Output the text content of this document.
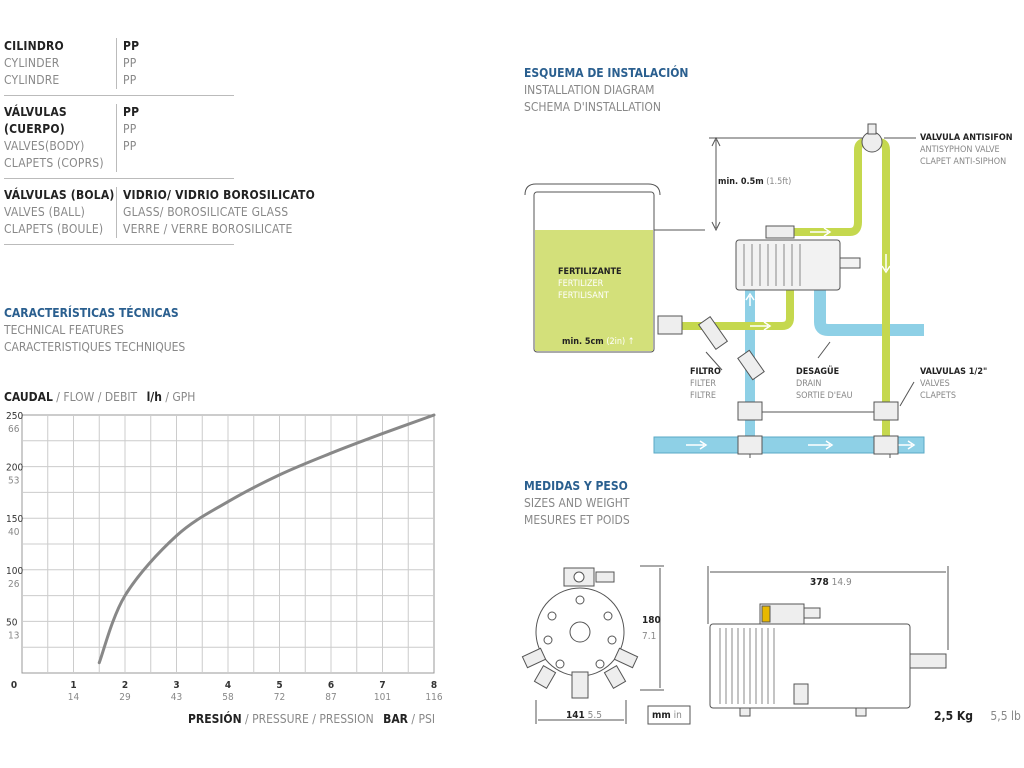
CILINDRO
CYLINDER
CYLINDRE
PP
PP
PP
VÁLVULAS (CUERPO)
VALVES(BODY)
CLAPETS (COPRS)
PP
PP
PP
VÁLVULAS (BOLA)
VALVES (BALL)
CLAPETS (BOULE)
VIDRIO/ VIDRIO BOROSILICATO
GLASS/ BOROSILICATE GLASS
VERRE / VERRE BOROSILICATE
CARACTERÍSTICAS TÉCNICAS
TECHNICAL FEATURES
CARACTERISTIQUES TECHNIQUES
CAUDAL / FLOW / DEBIT l/h / GPH
50
13
100
26
150
40
200
53
250
66
0	1
14
2
29
3
43
4
58
5
72
6
87
7
101
8
116
PRESIÓN / PRESSURE / PRESSION BAR / PSI
ESQUEMA DE INSTALACIÓN
INSTALLATION DIAGRAM
SCHEMA D'INSTALLATION
FERTILIZANTE
FERTILIZER
FERTILISANT
min. 5cm (2in) ↑
min. 0.5m (1.5ft)
VALVULA ANTISIFON
ANTISYPHON VALVE
CLAPET ANTI-SIPHON
FILTRO
FILTER
FILTRE
DESAGÜE
DRAIN
SORTIE D'EAU
VALVULAS 1/2"
VALVES
CLAPETS
MEDIDAS Y PESO
SIZES AND WEIGHT
MESURES ET POIDS
180
7.1
141 5.5
378 14.9
mm in	2,5 Kg 5,5 lb
